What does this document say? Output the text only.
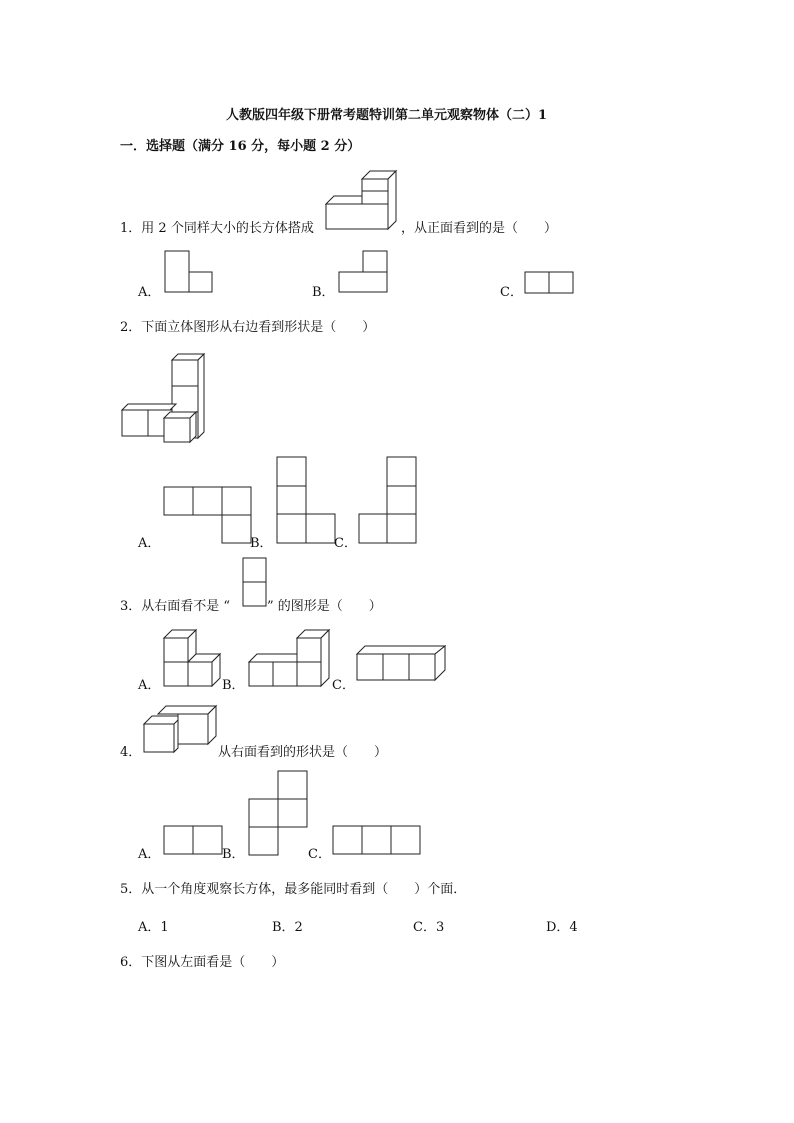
人教版四年级下册常考题特训第二单元观察物体（二）1
一．选择题（满分 16 分，每小题 2 分）
1．用 2 个同样大小的长方体搭成	，从正面看到的是（　　）
A．	B．	C．
2．下面立体图形从右边看到形状是（　　）
A．	B．	C．
3．从右面看不是 “	” 的图形是（　　）
A．	B．	C．
4．	从右面看到的形状是（　　）
A．	B．	C．
5．从一个角度观察长方体，最多能同时看到（　　）个面．
A．1	B．2	C．3	D．4
6．下图从左面看是（　　）
